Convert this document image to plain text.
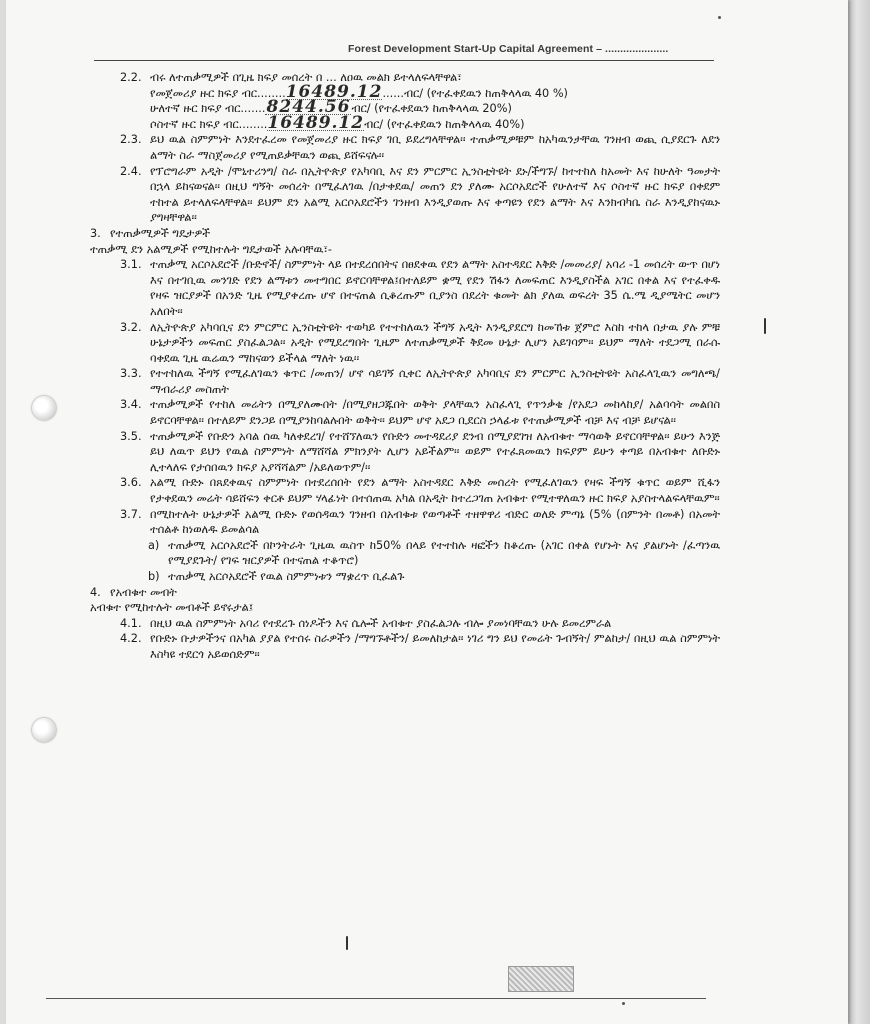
Forest Development Start-Up Capital Agreement – .....................
2.2. ብሩ ለተጠቃሚዎች በጊዜ ክፍያ መሰረት በ ... ለዐዉ መልክ ይተላለፍላቸዋል፣
የመጀመሪያ ዙር ክፍያ ብር........16489.12......ብር/ (የተፈቀደዉን ከጠቅላላዉ 40 %)
ሁለተኛ ዙር ክፍያ ብር.......8244.56ብር/ (የተፈቀደዉን ከጠቅላላዉ 20%)
ሶስተኛ ዙር ክፍያ ብር........16489.12ብር/ (የተፈቀደዉን ከጠቅላላዉ 40%)
2.3. ይህ ዉል ስምምነት እንደተፈረመ የመጀመሪያ ዙር ክፍያ ገቢ ይደረግላቸዋል፡፡ ተጠቃሚዎቹም ከአካዉንታቸዉ ገንዘብ ወጪ ሲያደርጉ ለደን ልማት ስራ ማስጀመሪያ የሚጠይቃቸዉን ወጪ ይሸፍናሉ፡፡
2.4. የፕሮግራም አዲት /ሞኒተሪንግ/ ስራ በኢትዮጵያ የአካባቢ እና ደን ምርምር ኢንስቲትዩት ደኑ/ችግኙ/ ከተተከለ ከአመት እና ከሁለት ዓመታት በኋላ ይከናወናል፡፡ በዚህ ግኝት መሰረት በሚፈለገዉ /በታቀደዉ/ መጠን ደን ያለሙ አርሶአደሮች የሁለተኛ እና ሶስተኛ ዙር ክፍያ በቀደም ተከተል ይተላለፍላቸዋል፡፡ ይህም ደን አልሚ አርሶአደሮችን ገንዘብ እንዲያወጡ እና ቀጣዩን የደን ልማት እና እንክብካቤ ስራ እንዲያከናዉኑ ያግዛቸዋል፡፡
3. የተጠቃሚዎች ግዴታዎች
ተጠቃሚ ደን አልሚዎች የሚከተሉት ግዴታወች አሉባቸዉ፣-
3.1. ተጠቃሚ አርሶአደሮች /ቡድኖች/ ስምምነት ላይ በተደረሰበትና በፀደቀዉ የደን ልማት አስተዳደር እቅድ /መመሪያ/ አባሪ -1 መሰረት ውጥ በሆነ እና በተገቢዉ መንገድ የደን ልማቱን መተግበር ይኖርባቸዋል፤በተለይም ቋሚ የደን ሽፋን ለመፍጠር እንዲያስችል አገር በቀል እና የተፈቀዱ የዛፍ ዝርያዎች በአንድ ጊዜ የሚያቀረጡ ሆኖ በተናጠል ሲቆረጡም ቢያንስ በደረት ቁመት ልክ ያለዉ ወፍረት 35 ሴ.ሜ ዲያሜትር መሆን አለበት፡፡
3.2. ለኢትዮጵያ አካባቢና ደን ምርምር ኢንስቲትዩት ተወካይ የተተከለዉን ችግኝ አዲት እንዲያደርግ ከመኸቱ ጀምሮ እስከ ተከላ በታዉ ያሉ ምቹ ሁኔታዎችን መፍጠር ያስፈልጋል፡፡ አዲት የሚደረግበት ጊዜም ለተጠቃሚዎች ቅደመ ሁኔታ ሊሆን አይገባም፡፡ ይህም ማለት ተደጋሚ በራሱ ባቀደዉ ጊዜ ዉሬዉን ማከናወን ይችላል ማለት ነዉ፡፡
3.3. የተተከለዉ ችግኝ የሚፈለገዉን ቁጥር /መጠን/ ሆኖ ሳይገኝ ሲቀር ለኢትዮጵያ አካባቢና ደን ምርምር ኢንስቲትዩት አስፈላጊዉን መግለጫ/ማብራሪያ መስጠት
3.4. ተጠቃሚዎች የተከለ መሬትን በሚያለሙበት /በሚያዘጋጁበት ወቅት ያላቸዉን አስፈላጊ የጥንቃቄ /የአደጋ መከላከያ/ አልባሳት መልበስ ይኖርባቸዋል፡፡ በተለይም ደንጋይ በሚያንከባልሉበት ወቅት፡፡ ይህም ሆኖ አደጋ ቢደርስ ኃላፊቱ የተጠቃሚዎች ብቻ እና ብቻ ይሆናል፡፡
3.5. ተጠቃሚዎች የቡድን አባል ሰዉ ካለቀደረገ/ የተሸኘለዉን የቡድን መተዳደሪያ ደንብ በሚያደገዝ ለአብቁተ ማሳወቅ ይኖርባቸዋል፡፡ ይሁን እንጅ ይህ ለዉጥ ይህን የዉል ስምምነት ለማሸሻል ምክንያት ሊሆን አይችልም፡፡ ወይም የተፈጸመዉን ክፍያም ይሁን ቀጣይ በአብቁተ ለቡድኑ ሊተላለፍ የታሰበዉን ክፍያ አያሻሻልም /አይለወጥም/፡፡
3.6. አልሚ ቡድኑ በጸደቀዉና ስምምነት በተደረሰበት የደን ልማት አስተዳደር እቅድ መሰረት የሚፈለገዉን የዛፍ ችግኝ ቁጥር ወይም ሺፋን የታቀደዉን መሬት ሳይሸፍን ቀርቶ ይህም ሃላፊነት በተሰጠዉ አካል በአዲት ከተረጋገጠ አብቁተ የሚተዋለዉን ዙር ክፍያ አያስተላልፍላቸዉም፡፡
3.7. በሚከተሉት ሁኔታዎች አልሚ ቡድኑ የወሰዳዉን ገንዘብ በአብቁቱ የወጣቶች ተዘዋዋሪ ብድር ወለድ ምጣኔ (5% (በምንት በመቶ) በአመት ተሰልቶ ከነወለዱ ይመልሳል
a) ተጠቃሚ አርሶአደሮች በኮንትራት ጊዜዉ ዉስጥ ከ50% በላይ የተተከሉ ዛፎችን ከቆረጡ (አገር በቀል የሆኑት እና ያልሆኑት /ፈጣንዉ የሚያደጉት/ የገፍ ዝርያዎች በተናጠል ተቆጥሮ)
b) ተጠቃሚ አርሶአደሮች የዉል ስምምነቱን ማቋረጥ ቢፈልጉ
4. የአብቁተ መብት
አብቁተ የሚከተሉት መብቶች ይኖሩታል፤
4.1. በዚህ ዉል ስምምነት አባሪ የተደረጉ ሰነዶችን እና ሴሎች አብቁተ ያስፈልጋሉ ብሎ ያመነባቸዉን ሁሉ ይመረምራል
4.2. የቡድኑ ቡታዎችንና በአካል ያያል የተሰሩ ስራዎችን /ማግኙቶችን/ ይመለከታል፡፡ ነገሪ ግን ይህ የመሬት ጉብኝት/ ምልከታ/ በዚህ ዉል ስምምነት እስካዩ ተደርጎ አይወሰድም፡፡
